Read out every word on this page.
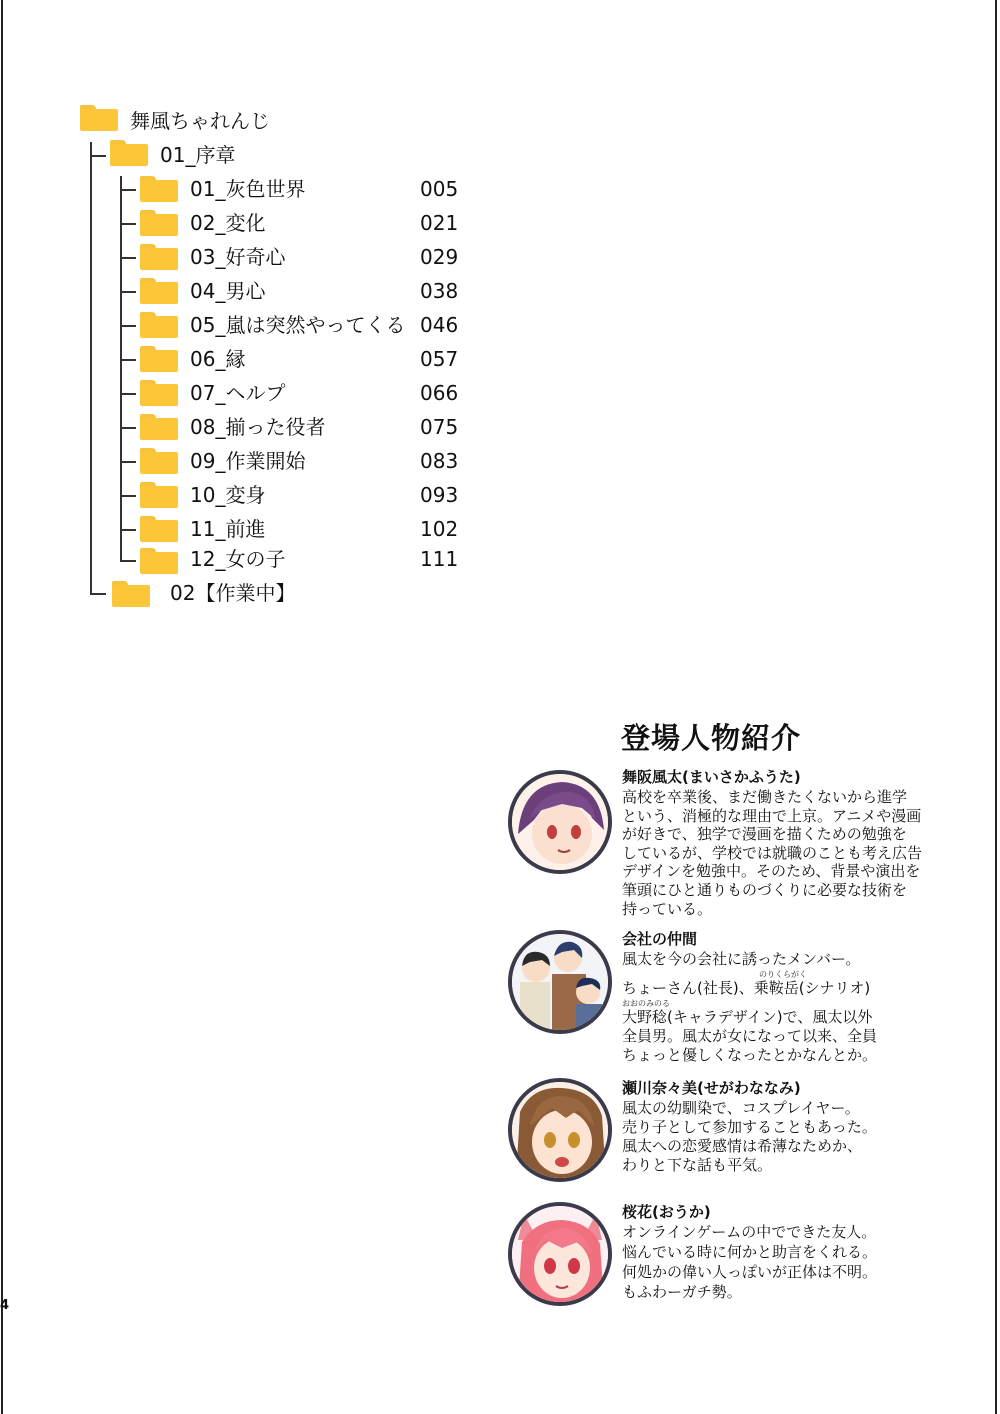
舞風ちゃれんじ
01_序章
01_灰色世界	005
02_変化	021
03_好奇心	029
04_男心	038
05_嵐は突然やってくる 046
06_縁	057
07_ヘルプ	066
08_揃った役者	075
09_作業開始	083
10_変身	093
11_前進	102
12_女の子	111
02【作業中】
登場人物紹介
舞阪風太(まいさかふうた)
高校を卒業後、まだ働きたくないから進学
という、消極的な理由で上京。アニメや漫画
が好きで、独学で漫画を描くための勉強を
しているが、学校では就職のことも考え広告
デザインを勉強中。そのため、背景や演出を
筆頭にひと通りものづくりに必要な技術を
持っている。
会社の仲間
風太を今の会社に誘ったメンバー。
のりくらがく
ちょーさん(社長)、乗鞍岳(シナリオ)
おおのみのる
大野稔(キャラデザイン)で、風太以外
全員男。風太が女になって以来、全員
ちょっと優しくなったとかなんとか。
瀬川奈々美(せがわななみ)
風太の幼馴染で、コスプレイヤー。
売り子として参加することもあった。
風太への恋愛感情は希薄なためか、
わりと下な話も平気。
桜花(おうか)
オンラインゲームの中でできた友人。
悩んでいる時に何かと助言をくれる。
何処かの偉い人っぽいが正体は不明。
もふわーガチ勢。
4
